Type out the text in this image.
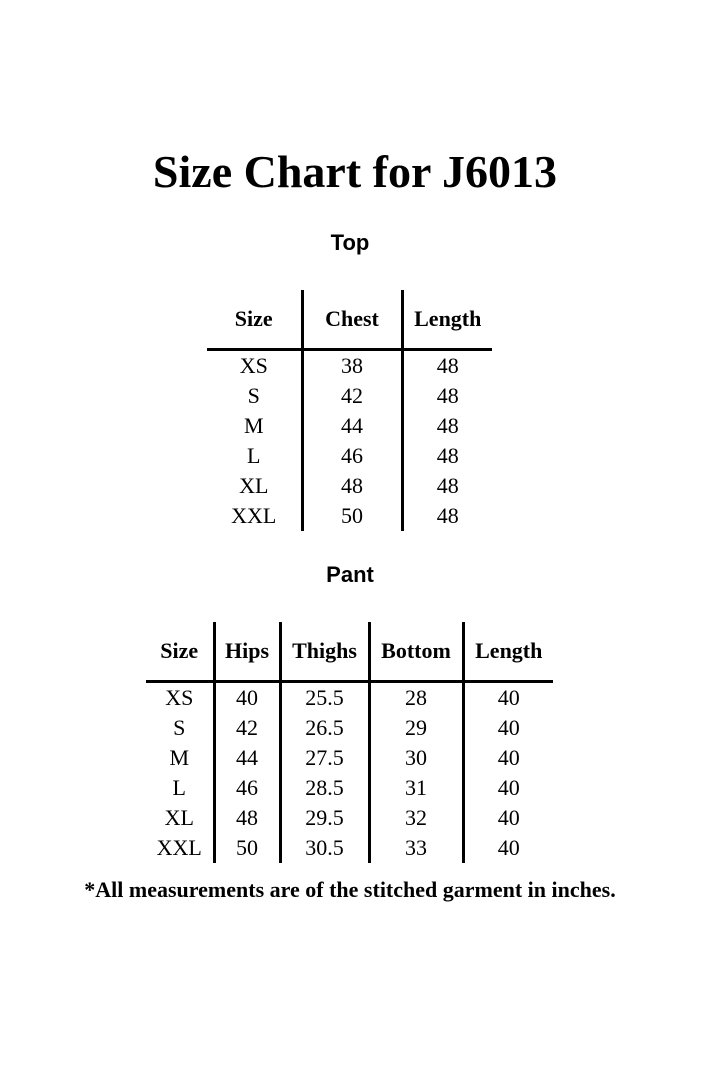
Size Chart for J6013
Top
Size	Chest	Length
XS	38	48
S	42	48
M	44	48
L	46	48
XL	48	48
XXL	50	48
Pant
Size	Hips	Thighs	Bottom	Length
XS	40	25.5	28	40
S	42	26.5	29	40
M	44	27.5	30	40
L	46	28.5	31	40
XL	48	29.5	32	40
XXL	50	30.5	33	40
*All measurements are of the stitched garment in inches.
